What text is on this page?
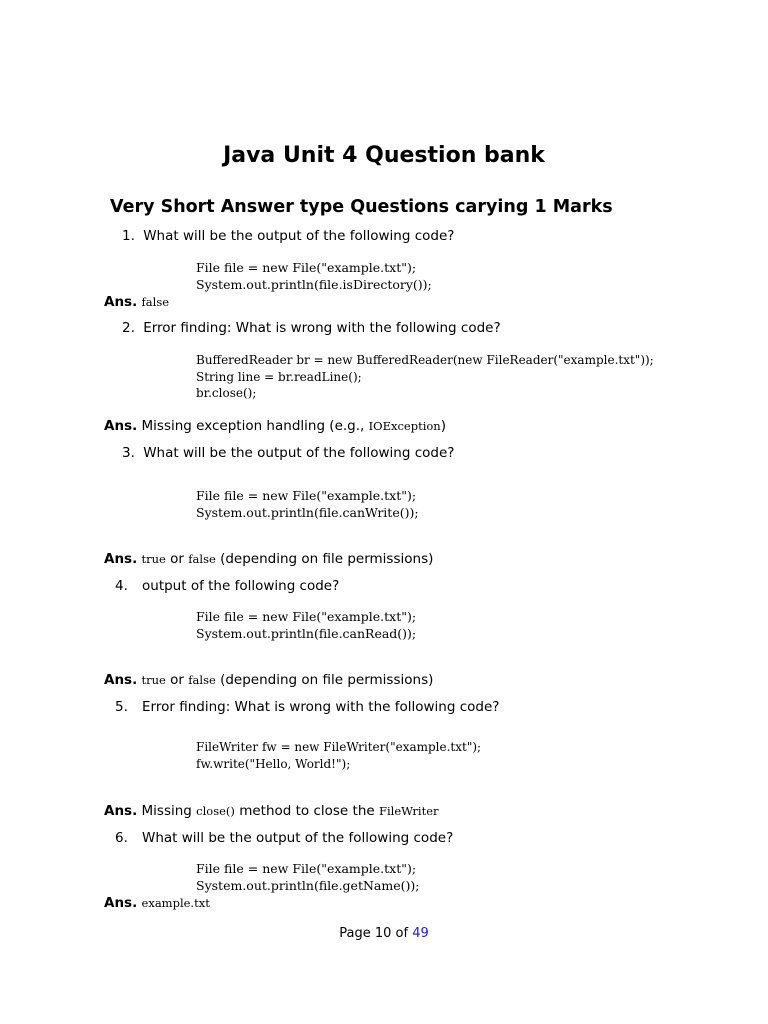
Java Unit 4 Question bank
Very Short Answer type Questions carying 1 Marks
1. What will be the output of the following code?
File file = new File("example.txt");
System.out.println(file.isDirectory());
Ans. false
2. Error finding: What is wrong with the following code?
BufferedReader br = new BufferedReader(new FileReader("example.txt"));
String line = br.readLine();
br.close();
Ans. Missing exception handling (e.g., IOException)
3. What will be the output of the following code?
File file = new File("example.txt");
System.out.println(file.canWrite());
Ans. true or false (depending on file permissions)
4. output of the following code?
File file = new File("example.txt");
System.out.println(file.canRead());
Ans. true or false (depending on file permissions)
5. Error finding: What is wrong with the following code?
FileWriter fw = new FileWriter("example.txt");
fw.write("Hello, World!");
Ans. Missing close() method to close the FileWriter
6. What will be the output of the following code?
File file = new File("example.txt");
System.out.println(file.getName());
Ans. example.txt
Page 10 of 49
